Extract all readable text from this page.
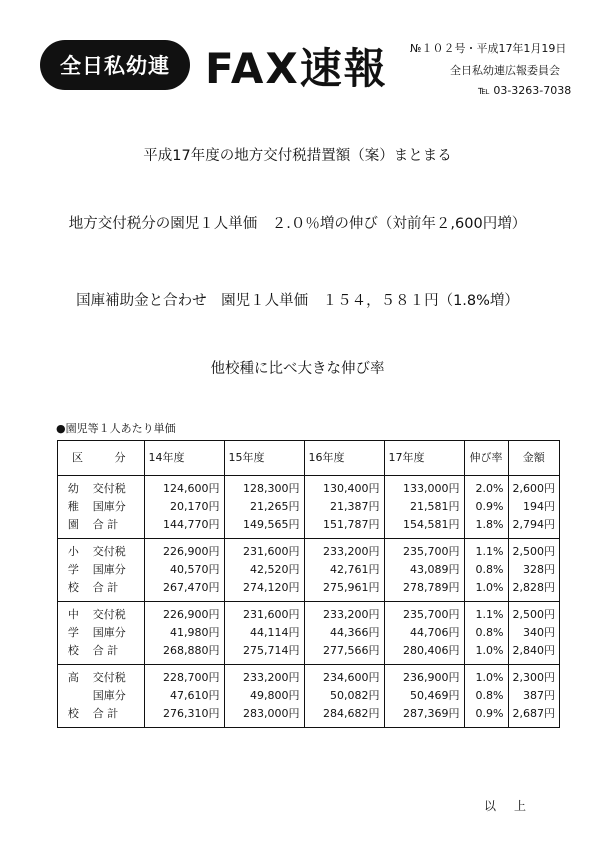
全日私幼連 FAX速報 №１０２号・平成17年1月19日
全日私幼連広報委員会
℡ 03-3263-7038
平成17年度の地方交付税措置額（案）まとまる
地方交付税分の園児１人単価　２.０％増の伸び（対前年２,600円増）
国庫補助金と合わせ　園児１人単価　１５４，５８１円（1.8%増）
他校種に比べ大きな伸び率
●園児等１人あたり単価
区 分		14年度	15年度	16年度	17年度	伸び率	金額
幼	交付税	124,600円	128,300円	130,400円	133,000円	2.0%	2,600円
稚	国庫分	20,170円	21,265円	21,387円	21,581円	0.9%	194円
園	合 計	144,770円	149,565円	151,787円	154,581円	1.8%	2,794円
小	交付税	226,900円	231,600円	233,200円	235,700円	1.1%	2,500円
学	国庫分	40,570円	42,520円	42,761円	43,089円	0.8%	328円
校	合 計	267,470円	274,120円	275,961円	278,789円	1.0%	2,828円
中	交付税	226,900円	231,600円	233,200円	235,700円	1.1%	2,500円
学	国庫分	41,980円	44,114円	44,366円	44,706円	0.8%	340円
校	合 計	268,880円	275,714円	277,566円	280,406円	1.0%	2,840円
高	交付税	228,700円	233,200円	234,600円	236,900円	1.0%	2,300円
	国庫分	47,610円	49,800円	50,082円	50,469円	0.8%	387円
校	合 計	276,310円	283,000円	284,682円	287,369円	0.9%	2,687円
以上
